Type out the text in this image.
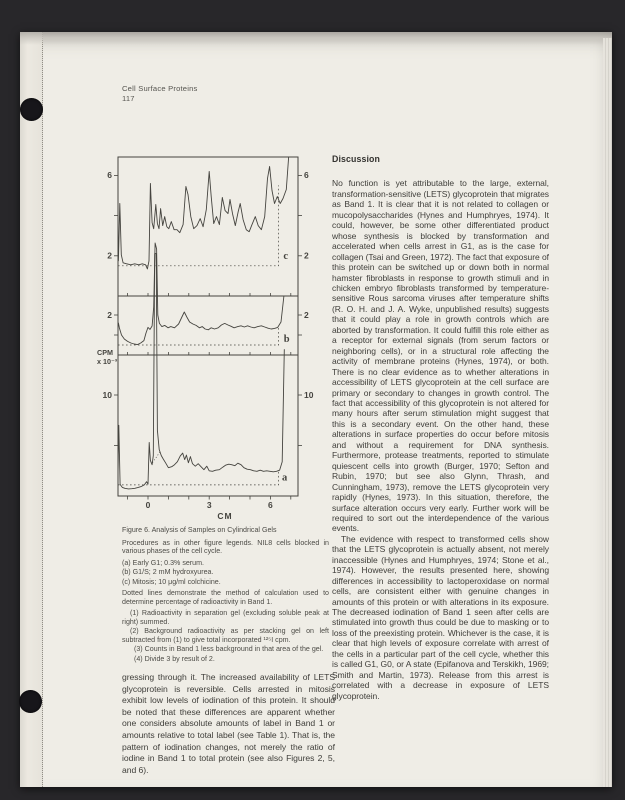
Cell Surface Proteins
117
0	3	6
CM
CPM
x 10⁻³
2	2
6	6
c
2	2
b
10	10
a

Figure 6. Analysis of Samples on Cylindrical Gels

Procedures as in other figure legends. NIL8 cells blocked in various phases of the cell cycle.

(a) Early G1; 0.3% serum.

(b) G1/S; 2 mM hydroxyurea.

(c) Mitosis; 10 μg/ml colchicine.

Dotted lines demonstrate the method of calculation used to determine percentage of radioactivity in Band 1.

(1) Radioactivity in separation gel (excluding soluble peak at right) summed.

(2) Background radioactivity as per stacking gel on left subtracted from (1) to give total incorporated ¹²⁵I cpm.

(3) Counts in Band 1 less background in that area of the gel.

(4) Divide 3 by result of 2.

gressing through it. The increased availability of LETS glycoprotein is reversible. Cells arrested in mitosis exhibit low levels of iodination of this protein. It should be noted that these differences are apparent whether one considers absolute amounts of label in Band 1 or amounts relative to total label (see Table 1). That is, the pattern of iodination changes, not merely the ratio of iodine in Band 1 to total protein (see also Figures 2, 5, and 6).
Discussion

No function is yet attributable to the large, external, transformation-sensitive (LETS) glycoprotein that migrates as Band 1. It is clear that it is not related to collagen or mucopolysaccharides (Hynes and Humphryes, 1974). It could, however, be some other differentiated product whose synthesis is blocked by transformation and accelerated when cells arrest in G1, as is the case for collagen (Tsai and Green, 1972). The fact that exposure of this protein can be switched up or down both in normal hamster fibroblasts in response to growth stimuli and in chicken embryo fibroblasts transformed by temperature-sensitive Rous sarcoma viruses after temperature shifts (R. O. H. and J. A. Wyke, unpublished results) suggests that it could play a role in growth controls which are aborted by transformation. It could fulfill this role either as a receptor for external signals (from serum factors or neighboring cells), or in a structural role affecting the activity of membrane proteins (Hynes, 1974), or both. There is no clear evidence as to whether alterations in accessibility of LETS glycoprotein at the cell surface are primary or secondary to changes in growth control. The fact that accessibility of this glycoprotein is not altered for many hours after serum stimulation might suggest that this is a secondary event. On the other hand, these alterations in surface properties do occur before mitosis and without a requirement for DNA synthesis. Furthermore, protease treatments, reported to stimulate quiescent cells into growth (Burger, 1970; Sefton and Rubin, 1970; but see also Glynn, Thrash, and Cunningham, 1973), remove the LETS glycoprotein very rapidly (Hynes, 1973). In this situation, therefore, the surface alteration occurs very early. Further work will be required to sort out the interdependence of the various events.

The evidence with respect to transformed cells show that the LETS glycoprotein is actually absent, not merely inaccessible (Hynes and Humphryes, 1974; Stone et al., 1974). However, the results presented here, showing differences in accessibility to lactoperoxidase on normal cells, are consistent either with genuine changes in amounts of this protein or with alterations in its exposure. The decreased iodination of Band 1 seen after cells are stimulated into growth thus could be due to masking or to loss of the preexisting protein. Whichever is the case, it is clear that high levels of exposure correlate with arrest of the cells in a particular part of the cell cycle, whether this is called G1, G0, or A state (Epifanova and Terskikh, 1969; Smith and Martin, 1973). Release from this arrest is correlated with a decrease in exposure of LETS glycoprotein.
